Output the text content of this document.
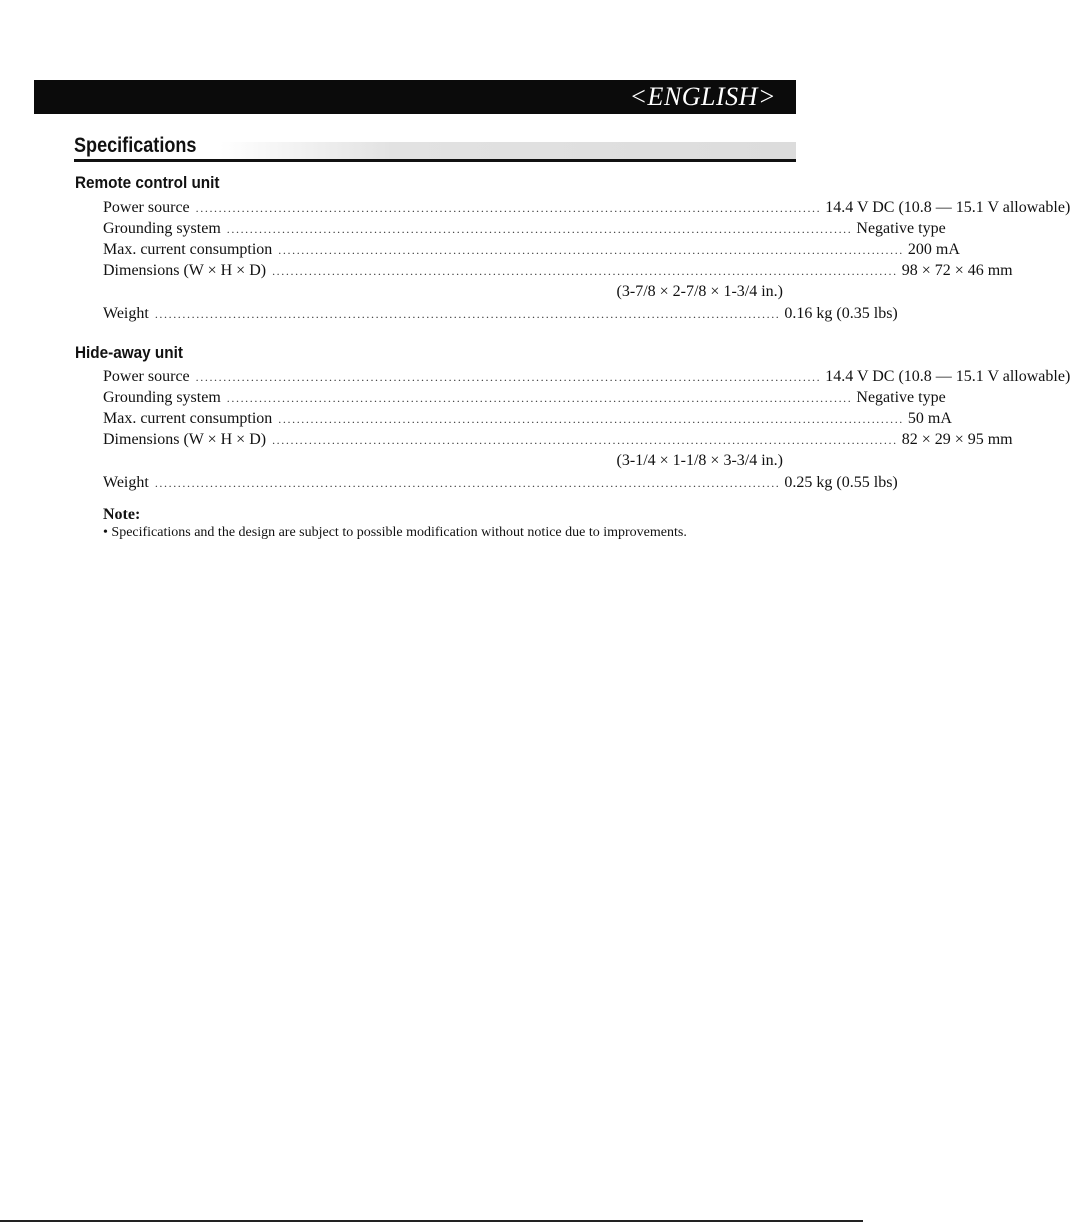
<ENGLISH>
Specifications
Remote control unit
Power source ........................................................................................................................................ 14.4 V DC (10.8 — 15.1 V allowable)
Grounding system ........................................................................................................................................ Negative type
Max. current consumption ........................................................................................................................................ 200 mA
Dimensions (W × H × D) ........................................................................................................................................ 98 × 72 × 46 mm
(3-7/8 × 2-7/8 × 1-3/4 in.)
Weight ........................................................................................................................................ 0.16 kg (0.35 lbs)
Hide-away unit
Power source ........................................................................................................................................ 14.4 V DC (10.8 — 15.1 V allowable)
Grounding system ........................................................................................................................................ Negative type
Max. current consumption ........................................................................................................................................ 50 mA
Dimensions (W × H × D) ........................................................................................................................................ 82 × 29 × 95 mm
(3-1/4 × 1-1/8 × 3-3/4 in.)
Weight ........................................................................................................................................ 0.25 kg (0.55 lbs)
Note:
• Specifications and the design are subject to possible modification without notice due to improvements.
